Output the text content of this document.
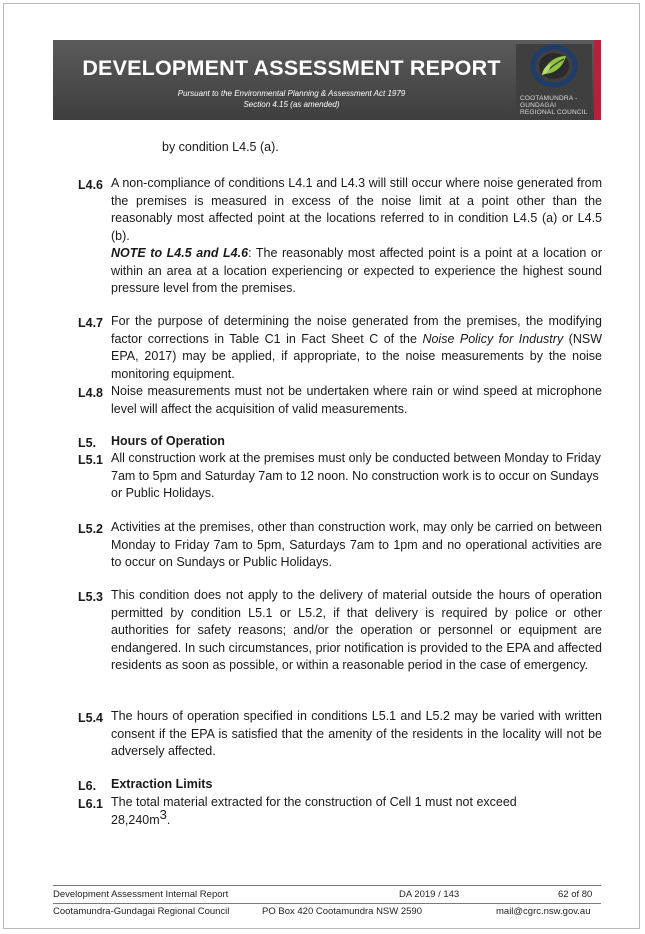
DEVELOPMENT ASSESSMENT REPORT
Pursuant to the Environmental Planning & Assessment Act 1979
Section 4.15 (as amended)
COOTAMUNDRA - GUNDAGAI REGIONAL COUNCIL
by condition L4.5 (a).
L4.6 A non-compliance of conditions L4.1 and L4.3 will still occur where noise generated from the premises is measured in excess of the noise limit at a point other than the reasonably most affected point at the locations referred to in condition L4.5 (a) or L4.5 (b).
NOTE to L4.5 and L4.6: The reasonably most affected point is a point at a location or within an area at a location experiencing or expected to experience the highest sound pressure level from the premises.
L4.7 For the purpose of determining the noise generated from the premises, the modifying factor corrections in Table C1 in Fact Sheet C of the Noise Policy for Industry (NSW EPA, 2017) may be applied, if appropriate, to the noise measurements by the noise monitoring equipment.
L4.8 Noise measurements must not be undertaken where rain or wind speed at microphone level will affect the acquisition of valid measurements.
L5. Hours of Operation
L5.1 All construction work at the premises must only be conducted between Monday to Friday 7am to 5pm and Saturday 7am to 12 noon. No construction work is to occur on Sundays or Public Holidays.
L5.2 Activities at the premises, other than construction work, may only be carried on between Monday to Friday 7am to 5pm, Saturdays 7am to 1pm and no operational activities are to occur on Sundays or Public Holidays.
L5.3 This condition does not apply to the delivery of material outside the hours of operation permitted by condition L5.1 or L5.2, if that delivery is required by police or other authorities for safety reasons; and/or the operation or personnel or equipment are endangered. In such circumstances, prior notification is provided to the EPA and affected residents as soon as possible, or within a reasonable period in the case of emergency.
L5.4 The hours of operation specified in conditions L5.1 and L5.2 may be varied with written consent if the EPA is satisfied that the amenity of the residents in the locality will not be adversely affected.
L6. Extraction Limits
L6.1 The total material extracted for the construction of Cell 1 must not exceed $28,240m^3$.
Development Assessment Internal Report	DA 2019 / 143	62 of 80
Cootamundra-Gundagai Regional Council	PO Box 420 Cootamundra NSW 2590	mail@cgrc.nsw.gov.au
